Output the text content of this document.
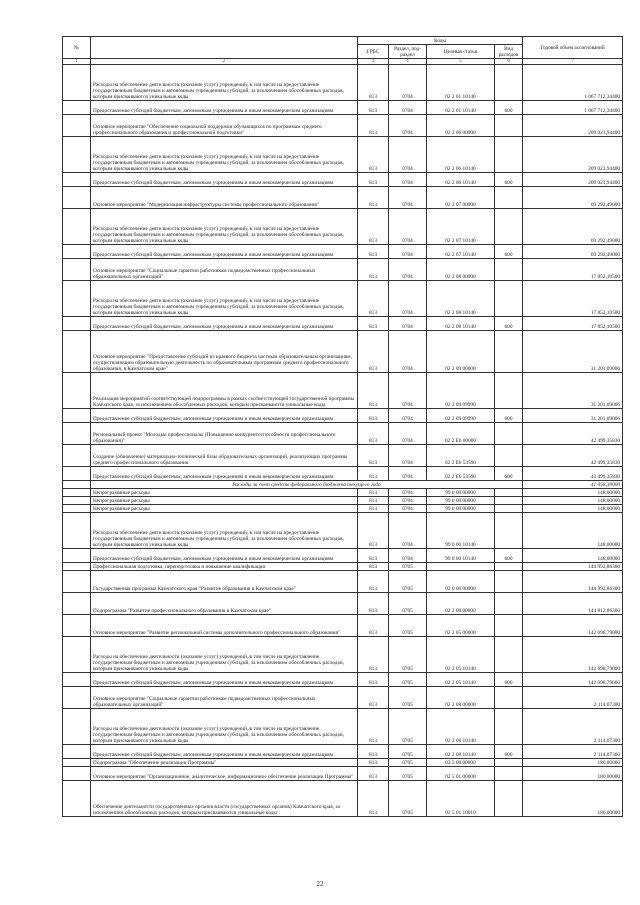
№		Коды				Годовой объем ассигнований
		ГРБС	Раздел, под-раздел	Целевая статья	Вид расходов	
1	2	3	4	5	6	7
	Расходы на обеспечение деятельности (оказание услуг) учреждений, в том числе на предоставление государственным бюджетным и автономным учреждениям субсидий, за исключением обособленных расходов, которым присваиваются уникальные коды	813	0704	02 2 01 10140		1 067 712,34400
	Предоставление субсидий бюджетным, автономным учреждениям и иным некоммерческим организациям	813	0704	02 2 01 10140	600	1 067 712,34400
	Основное мероприятие "Обеспечение социальной поддержки обучающихся по программам среднего профессионального образования и профессиональной подготовки"	813	0704	02 2 06 00000		209 023,94400
	Расходы на обеспечение деятельности (оказание услуг) учреждений, в том числе на предоставление государственным бюджетным и автономным учреждениям субсидий, за исключением обособленных расходов, которым присваиваются уникальные коды	813	0704	02 2 06 10140		209 023,94400
	Предоставление субсидий бюджетным, автономным учреждениям и иным некоммерческим организациям	813	0704	02 2 06 10140	600	209 023,94400
	Основное мероприятие "Модернизация инфраструктуры системы профессионального образования"	813	0704	02 2 07 00000		69 292,49000
	Расходы на обеспечение деятельности (оказание услуг) учреждений, в том числе на предоставление государственным бюджетным и автономным учреждениям субсидий, за исключением обособленных расходов, которым присваиваются уникальные коды	813	0704	02 2 07 10140		69 292,49000
	Предоставление субсидий бюджетным, автономным учреждениям и иным некоммерческим организациям	813	0704	02 2 07 10140	600	69 292,49000
	Основное мероприятие "Социальные гарантии работникам подведомственных профессиональных образовательных организаций"	813	0704	02 2 08 00000		17 852,10500
	Расходы на обеспечение деятельности (оказание услуг) учреждений, в том числе на предоставление государственным бюджетным и автономным учреждениям субсидий, за исключением обособленных расходов, которым присваиваются уникальные коды	813	0704	02 2 08 10140		17 852,10500
	Предоставление субсидий бюджетным, автономным учреждениям и иным некоммерческим организациям	813	0704	02 2 08 10140	600	17 852,10500
	Основное мероприятие "Предоставление субсидий из краевого бюджета частным образовательным организациям, осуществляющим образовательную деятельность по образовательным программам среднего профессионального образования, в Камчатском крае"	813	0704	02 2 09 00000		31 201,09006
	Реализация мероприятий соответствующей подпрограммы в рамках соответствующей государственной программы Камчатского края, за исключением обособленных расходов, которым присваиваются уникальные коды	813	0704	02 2 09 09990		31 201,09006
	Предоставление субсидий бюджетным, автономным учреждениям и иным некоммерческим организациям	813	0704	02 2 09 09990	600	31 201,09006
	Региональный проект "Молодые профессионалы (Повышение конкурентоспособности профессионального образования)"	813	0704	02 2 E6 00000		42 499,35830
	Создание (обновление) материально-технической базы образовательных организаций, реализующих программы среднего профессионального образования	813	0704	02 2 E6 53590		42 499,35830
	Предоставление субсидий бюджетным, автономным учреждениям и иным некоммерческим организациям	813	0704	02 2 E6 53590	600	42 499,35830
	Расходы за счет средств федерального бюджета текущего года					41 058,30000
	Непрограммные расходы	813	0704	99 0 00 00000		148,00000
	Непрограммные расходы	813	0704	99 0 00 00000		148,00000
	Непрограммные расходы	813	0704	99 0 00 00000		148,00000
	Расходы на обеспечение деятельности (оказание услуг) учреждений, в том числе на предоставление государственным бюджетным и автономным учреждениям субсидий, за исключением обособленных расходов, которым присваиваются уникальные коды	813	0704	99 0 00 10140		148,00000
	Предоставление субсидий бюджетным, автономным учреждениям и иным некоммерческим организациям	813	0704	99 0 00 10140	600	148,00000
	Профессиональная подготовка, переподготовка и повышение квалификации	813	0705			144 992,86300
	Государственная программа Камчатского края "Развитие образования в Камчатском крае"	813	0705	02 0 00 00000		144 992,86300
	Подпрограмма "Развитие профессионального образования в Камчатском крае"	813	0705	02 2 00 00000		144 812,86300
	Основное мероприятие "Развитие региональной системы дополнительного профессионального образования"	813	0705	02 2 05 00000		142 698,79000
	Расходы на обеспечение деятельности (оказание услуг) учреждений, в том числе на предоставление государственным бюджетным и автономным учреждениям субсидий, за исключением обособленных расходов, которым присваиваются уникальные коды	813	0705	02 2 05 10140		142 698,79000
	Предоставление субсидий бюджетным, автономным учреждениям и иным некоммерческим организациям	813	0705	02 2 05 10140	600	142 698,79000
	Основное мероприятие "Социальные гарантии работникам подведомственных профессиональных образовательных организаций"	813	0705	02 2 08 00000		2 114,07300
	Расходы на обеспечение деятельности (оказание услуг) учреждений, в том числе на предоставление государственным бюджетным и автономным учреждениям субсидий, за исключением обособленных расходов, которым присваиваются уникальные коды	813	0705	02 2 08 10140		2 114,07300
	Предоставление субсидий бюджетным, автономным учреждениям и иным некоммерческим организациям	813	0705	02 2 08 10140	600	2 114,07300
	Подпрограмма "Обеспечение реализации Программы"	813	0705	02 5 00 00000		180,00000
	Основное мероприятие "Организационное, аналитическое, информационное обеспечение реализации Программы"	813	0705	02 5 01 00000		180,00000
	Обеспечение деятельности государственных органов власти (государственных органов) Камчатского края, за исключением обособленных расходов, которым присваиваются уникальные коды	813	0705	02 5 01 10010		180,00000
22
